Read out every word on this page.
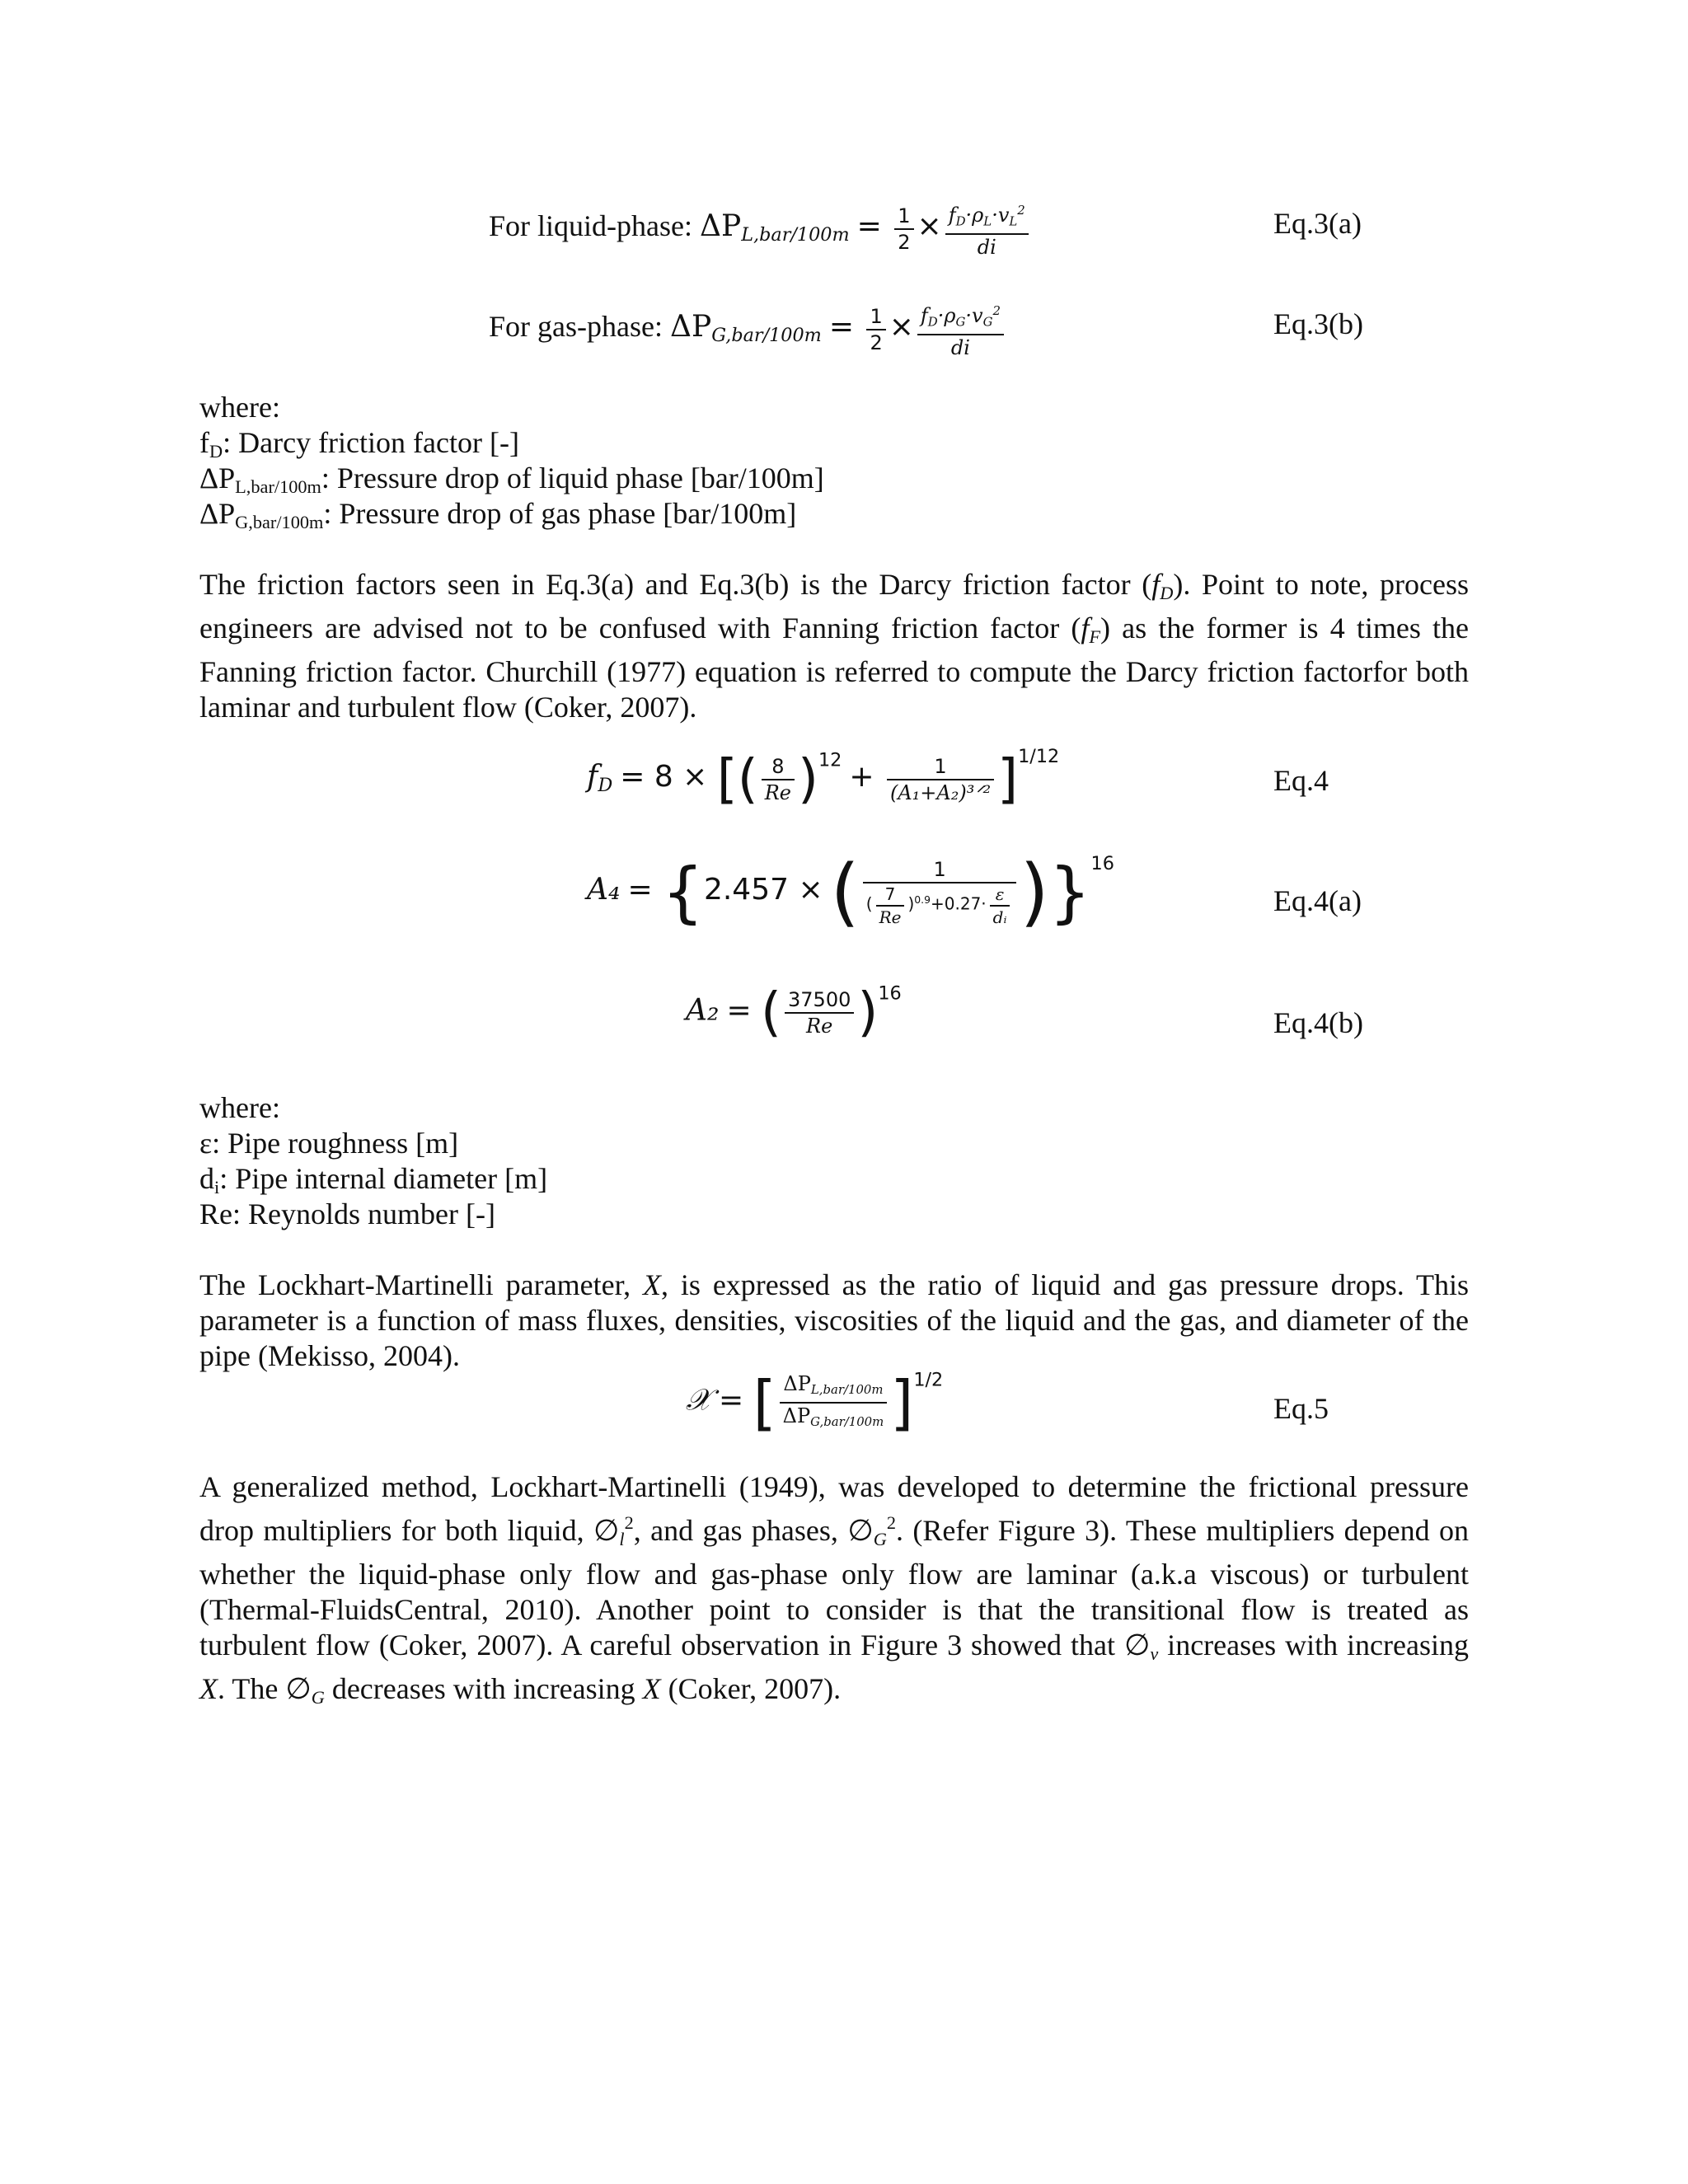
For liquid-phase: $\Delta P_{L,bar/100m} = \frac{1}{2} \times \frac{f_D\cdot\rho_L\cdot v_L^2}{di}$	Eq.3(a)
For gas-phase: $\Delta P_{G,bar/100m} = \frac{1}{2} \times \frac{f_D\cdot\rho_G\cdot v_G^2}{di}$	Eq.3(b)
where:
$f_D$: Darcy friction factor [-]
$\Delta P_{L,bar/100m}$: Pressure drop of liquid phase [bar/100m]
$\Delta P_{G,bar/100m}$: Pressure drop of gas phase [bar/100m]
The friction factors seen in Eq.3(a) and Eq.3(b) is the Darcy friction factor $(f_D)$. Point to note, process engineers are advised not to be confused with Fanning friction factor $(f_F)$ as the former is 4 times the Fanning friction factor. Churchill (1977) equation is referred to compute the Darcy friction factorfor both laminar and turbulent flow (Coker, 2007).
$f_D = 8$ × [( $\frac{8}{Re} )^{12} + \frac{1}{\text{(A₁+A₂)³ᐟ²}} ]^{1/12}$
Eq.4
A₄ = {2.457 × ( $\frac{1}{( \frac{7}{Re} )^{0.9}+0.27\cdot \frac{\varepsilon}{\text{dᵢ}}} )\}^{16}$
Eq.4(a)
A₂ = ( $\frac{37500}{Re} )^{16}$
Eq.4(b)
where:
ε: Pipe roughness [m]
$d_i$: Pipe internal diameter [m]
Re: Reynolds number [-]
The Lockhart-Martinelli parameter, X, is expressed as the ratio of liquid and gas pressure drops. This parameter is a function of mass fluxes, densities, viscosities of the liquid and the gas, and diameter of the pipe (Mekisso, 2004).
𝒳 = [ $\frac{\Delta P_{L,bar/100m}}{\Delta P_{G,bar/100m}} ]^{1/2}$
Eq.5
A generalized method, Lockhart-Martinelli (1949), was developed to determine the frictional pressure drop multipliers for both liquid, $\emptyset_l^2$, and gas phases, $\emptyset_G^2$. (Refer Figure 3). These multipliers depend on whether the liquid-phase only flow and gas-phase only flow are laminar (a.k.a viscous) or turbulent (Thermal-FluidsCentral, 2010). Another point to consider is that the transitional flow is treated as turbulent flow (Coker, 2007). A careful observation in Figure 3 showed that $\emptyset_v$ increases with increasing X. The $\emptyset_G$ decreases with increasing X (Coker, 2007).
